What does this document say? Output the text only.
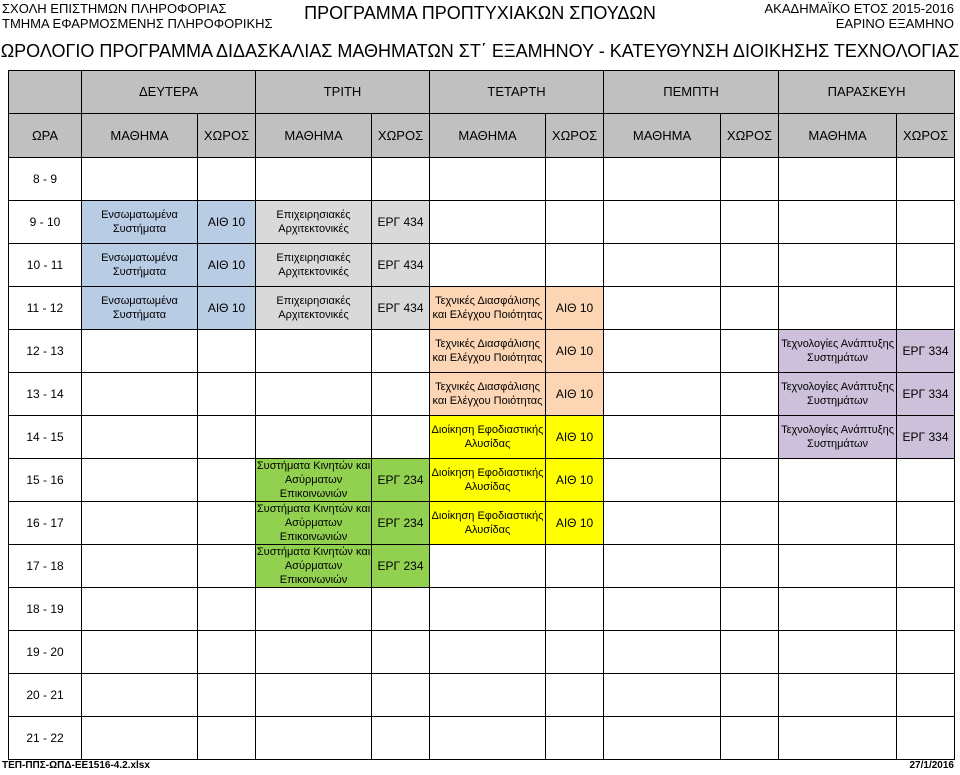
ΣΧΟΛΗ ΕΠΙΣΤΗΜΩΝ ΠΛΗΡΟΦΟΡΙΑΣ
ΤΜΗΜΑ ΕΦΑΡΜΟΣΜΕΝΗΣ ΠΛΗΡΟΦΟΡΙΚΗΣ
ΠΡΟΓΡΑΜΜΑ ΠΡΟΠΤΥΧΙΑΚΩΝ ΣΠΟΥΔΩΝ	ΑΚΑΔΗΜΑΪΚΟ ΕΤΟΣ 2015-2016
ΕΑΡΙΝΟ ΕΞΑΜΗΝΟ
ΩΡΟΛΟΓΙΟ ΠΡΟΓΡΑΜΜΑ ΔΙΔΑΣΚΑΛΙΑΣ ΜΑΘΗΜΑΤΩΝ ΣΤ΄ ΕΞΑΜΗΝΟΥ - ΚΑΤΕΥΘΥΝΣΗ ΔΙΟΙΚΗΣΗΣ ΤΕΧΝΟΛΟΓΙΑΣ
	ΔΕΥΤΕΡΑ		ΤΡΙΤΗ		ΤΕΤΑΡΤΗ		ΠΕΜΠΤΗ		ΠΑΡΑΣΚΕΥΗ	
ΩΡΑ	ΜΑΘΗΜΑ	ΧΩΡΟΣ	ΜΑΘΗΜΑ	ΧΩΡΟΣ	ΜΑΘΗΜΑ	ΧΩΡΟΣ	ΜΑΘΗΜΑ	ΧΩΡΟΣ	ΜΑΘΗΜΑ	ΧΩΡΟΣ
8 - 9										
9 - 10	Ενσωματωμένα Συστήματα	ΑΙΘ 10	Επιχειρησιακές Αρχιτεκτονικές	ΕΡΓ 434						
10 - 11	Ενσωματωμένα Συστήματα	ΑΙΘ 10	Επιχειρησιακές Αρχιτεκτονικές	ΕΡΓ 434						
11 - 12	Ενσωματωμένα Συστήματα	ΑΙΘ 10	Επιχειρησιακές Αρχιτεκτονικές	ΕΡΓ 434	Τεχνικές Διασφάλισης και Ελέγχου Ποιότητας	ΑΙΘ 10				
12 - 13					Τεχνικές Διασφάλισης και Ελέγχου Ποιότητας	ΑΙΘ 10			Τεχνολογίες Ανάπτυξης Συστημάτων	ΕΡΓ 334
13 - 14					Τεχνικές Διασφάλισης και Ελέγχου Ποιότητας	ΑΙΘ 10			Τεχνολογίες Ανάπτυξης Συστημάτων	ΕΡΓ 334
14 - 15					Διοίκηση Εφοδιαστικής Αλυσίδας	ΑΙΘ 10			Τεχνολογίες Ανάπτυξης Συστημάτων	ΕΡΓ 334
15 - 16			Συστήματα Κινητών και Ασύρματων Επικοινωνιών	ΕΡΓ 234	Διοίκηση Εφοδιαστικής Αλυσίδας	ΑΙΘ 10				
16 - 17			Συστήματα Κινητών και Ασύρματων Επικοινωνιών	ΕΡΓ 234	Διοίκηση Εφοδιαστικής Αλυσίδας	ΑΙΘ 10				
17 - 18			Συστήματα Κινητών και Ασύρματων Επικοινωνιών	ΕΡΓ 234						
18 - 19										
19 - 20										
20 - 21										
21 - 22										
ΤΕΠ-ΠΠΣ-ΩΠΔ-ΕΕ1516-4.2.xlsx	27/1/2016
